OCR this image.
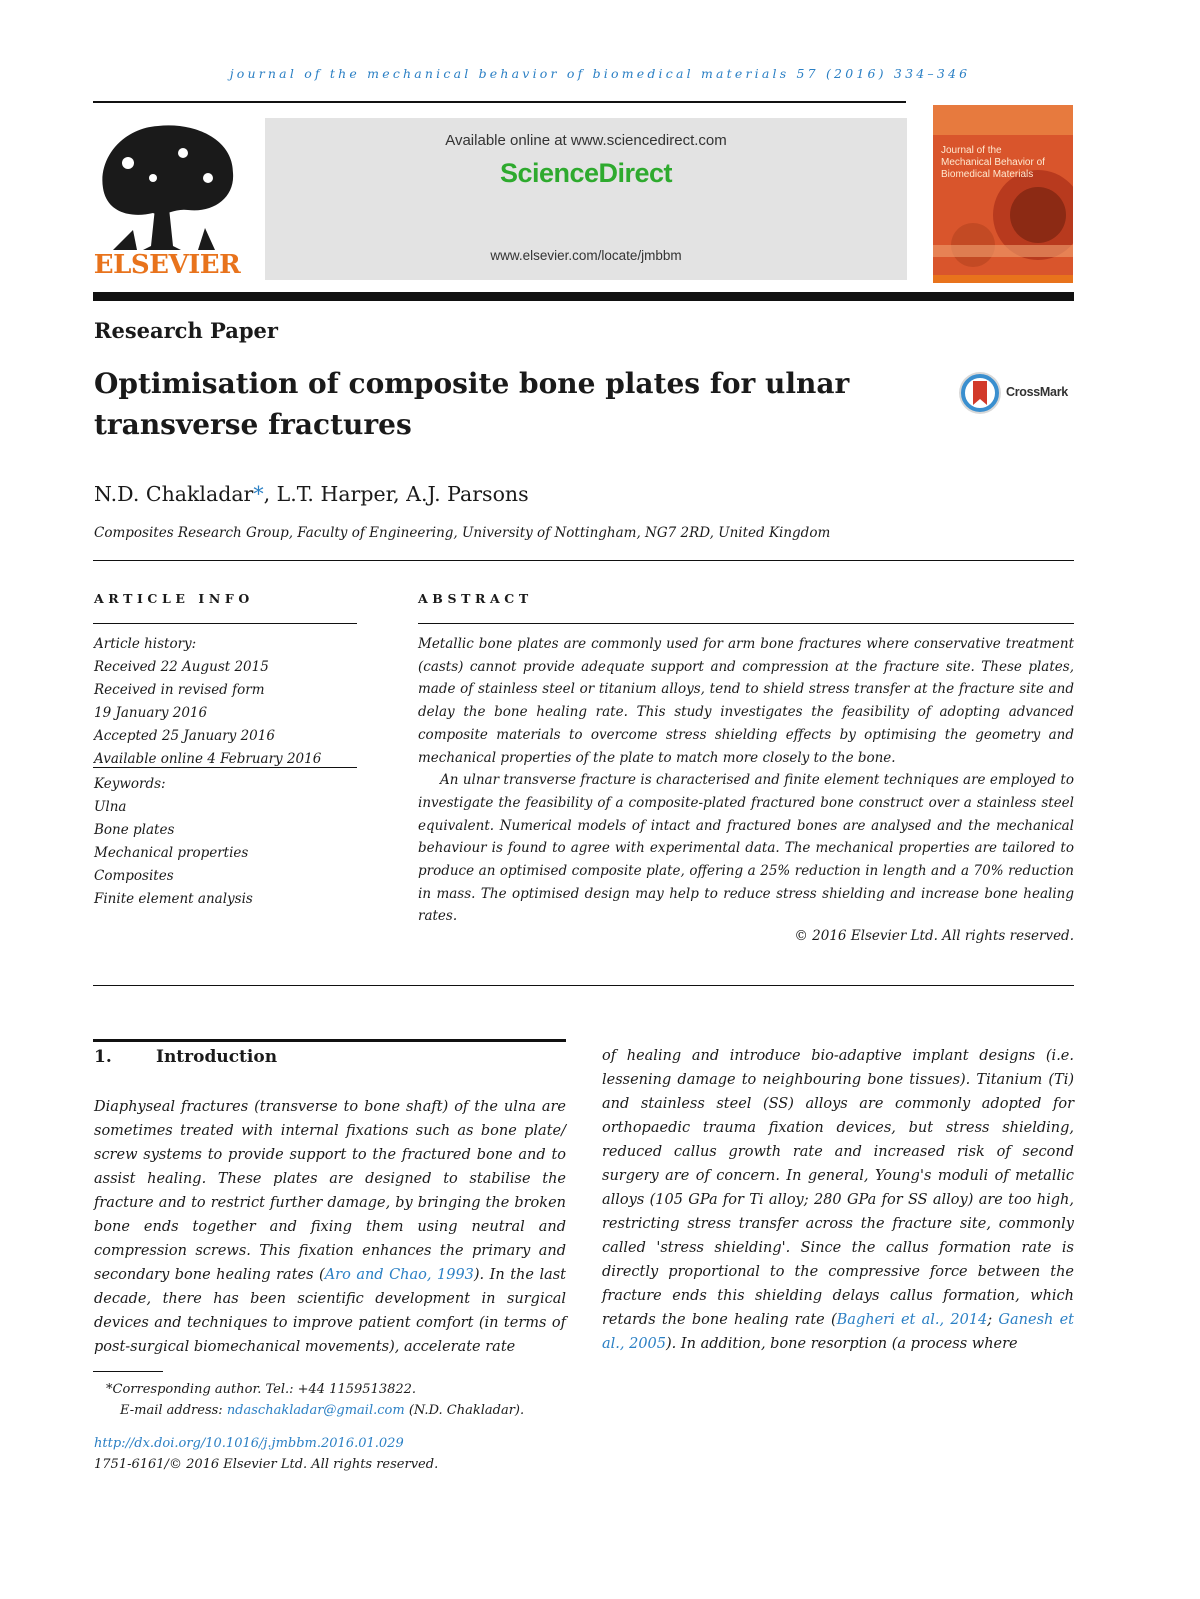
journal of the mechanical behavior of biomedical materials 57 (2016) 334–346
ELSEVIER
Available online at www.sciencedirect.com
ScienceDirect
www.elsevier.com/locate/jmbbm
Journal of the
Mechanical Behavior of
Biomedical Materials
Research Paper
Optimisation of composite bone plates for ulnar
transverse fractures
CrossMark
N.D. Chakladar*, L.T. Harper, A.J. Parsons
Composites Research Group, Faculty of Engineering, University of Nottingham, NG7 2RD, United Kingdom
ARTICLE INFO	ABSTRACT
Article history:
Received 22 August 2015
Received in revised form
19 January 2016
Accepted 25 January 2016
Available online 4 February 2016
Keywords:
Ulna
Bone plates
Mechanical properties
Composites
Finite element analysis

Metallic bone plates are commonly used for arm bone fractures where conservative treatment (casts) cannot provide adequate support and compression at the fracture site. These plates, made of stainless steel or titanium alloys, tend to shield stress transfer at the fracture site and delay the bone healing rate. This study investigates the feasibility of adopting advanced composite materials to overcome stress shielding effects by optimising the geometry and mechanical properties of the plate to match more closely to the bone.

An ulnar transverse fracture is characterised and finite element techniques are employed to investigate the feasibility of a composite-plated fractured bone construct over a stainless steel equivalent. Numerical models of intact and fractured bones are analysed and the mechanical behaviour is found to agree with experimental data. The mechanical properties are tailored to produce an optimised composite plate, offering a 25% reduction in length and a 70% reduction in mass. The optimised design may help to reduce stress shielding and increase bone healing rates.

© 2016 Elsevier Ltd. All rights reserved.
1.	Introduction

Diaphyseal fractures (transverse to bone shaft) of the ulna are sometimes treated with internal fixations such as bone plate/ screw systems to provide support to the fractured bone and to assist healing. These plates are designed to stabilise the fracture and to restrict further damage, by bringing the broken bone ends together and fixing them using neutral and compression screws. This fixation enhances the primary and secondary bone healing rates (Aro and Chao, 1993). In the last decade, there has been scientific development in surgical devices and techniques to improve patient comfort (in terms of post-surgical biomechanical movements), accelerate rate

of healing and introduce bio-adaptive implant designs (i.e. lessening damage to neighbouring bone tissues). Titanium (Ti) and stainless steel (SS) alloys are commonly adopted for orthopaedic trauma fixation devices, but stress shielding, reduced callus growth rate and increased risk of second surgery are of concern. In general, Young's moduli of metallic alloys (105 GPa for Ti alloy; 280 GPa for SS alloy) are too high, restricting stress transfer across the fracture site, commonly called 'stress shielding'. Since the callus formation rate is directly proportional to the compressive force between the fracture ends this shielding delays callus formation, which retards the bone healing rate (Bagheri et al., 2014; Ganesh et al., 2005). In addition, bone resorption (a process where

*Corresponding author. Tel.: +44 1159513822.
E-mail address: ndaschakladar@gmail.com (N.D. Chakladar).
http://dx.doi.org/10.1016/j.jmbbm.2016.01.029
1751-6161/© 2016 Elsevier Ltd. All rights reserved.
